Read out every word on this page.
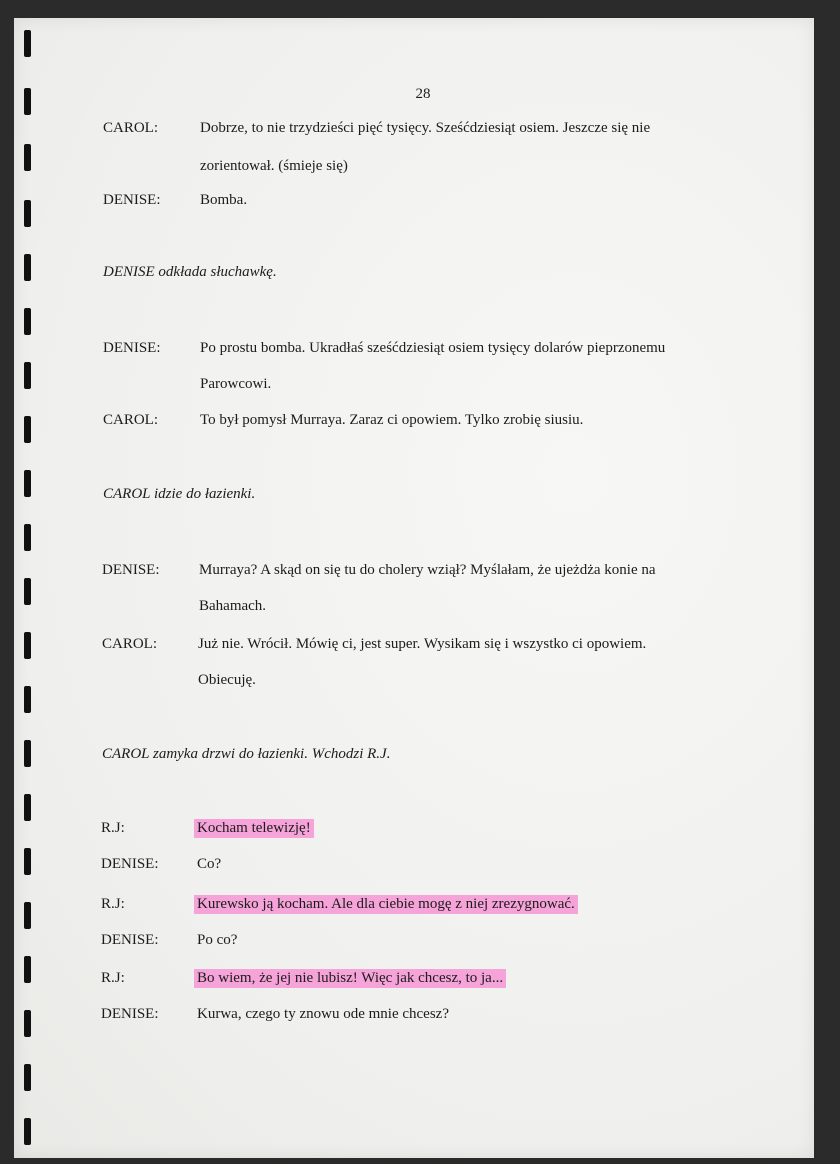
28
CAROL:	Dobrze, to nie trzydzieści pięć tysięcy. Sześćdziesiąt osiem. Jeszcze się nie
zorientował. (śmieje się)
DENISE:	Bomba.
DENISE odkłada słuchawkę.
DENISE:	Po prostu bomba. Ukradłaś sześćdziesiąt osiem tysięcy dolarów pieprzonemu
Parowcowi.
CAROL:	To był pomysł Murraya. Zaraz ci opowiem. Tylko zrobię siusiu.
CAROL idzie do łazienki.
DENISE:	Murraya? A skąd on się tu do cholery wziął? Myślałam, że ujeżdża konie na
Bahamach.
CAROL:	Już nie. Wrócił. Mówię ci, jest super. Wysikam się i wszystko ci opowiem.
Obiecuję.
CAROL zamyka drzwi do łazienki. Wchodzi R.J.
R.J:	Kocham telewizję!
DENISE:	Co?
R.J:	Kurewsko ją kocham. Ale dla ciebie mogę z niej zrezygnować.
DENISE:	Po co?
R.J:	Bo wiem, że jej nie lubisz! Więc jak chcesz, to ja...
DENISE:	Kurwa, czego ty znowu ode mnie chcesz?
